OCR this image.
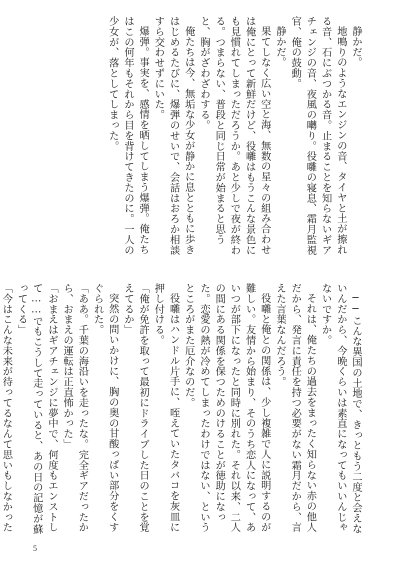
静かだ。

地鳴りのようなエンジンの音、タイヤと土が擦れる音、石にぶつかる音。止まることを知らないギアチェンジの音、夜風の囀り。役囃の寝息、霜月監視官、俺の鼓動。

静かだ。

果てしなく広い空と海、無数の星々の組み合わせは俺にとって新鮮だけど、役囃はもうこんな景色にも見慣れてしまっただろうか。あと少しで夜が終わる。つまらない、普段と同じ日常が始まると思うと、胸がざわざわする。

俺たちは今、無垢な少女が静かに息とともに歩きはじめるたびに、爆弾のせいで、会話はおろか相談すら交わせずにいた。

爆弾。事実を、感情を晒してしまう爆弾。俺たちはこの何年もそれから目を背けてきたのに。一人の少女が、落としてしまった。

──こんな異国の土地で、きっともう二度と会えないんだから、今晩くらいは素直になってもいいんじゃないですか。

それは、俺たちの過去をまったく知らない赤の他人だから、発言に責任を持つ必要がない霜月だから、言えた言葉なんだろう。

役囃と俺との関係は、少し複雑で人に説明するのが難しい。友情から始まり、そのうち恋人になって、あいつが部下になったと同時に別れた。それ以来、二人の間にある関係を保つためのけることが徳助になった。恋愛の熱が冷めてしまったわけではない、というところがまた厄介なのだ。

役囃はハンドル片手に、咥えていたタバコを灰皿に押し付ける。

「俺が免許を取って最初にドライブした日のことを覚えてるか」

突然の問いかけに、胸の奥の甘酸っぱい部分をくすぐられた。

「ああ。千葉の海沿いを走ったな。完全ギアだったから、おまえの運転は正直怖かった」

「おまえはギアチェンジに夢中で、何度もエンストして……でもこうして走っていると、あの日の記憶が蘇ってくる」

「今はこんな未来が待ってるなんて思いもしなかった

5
